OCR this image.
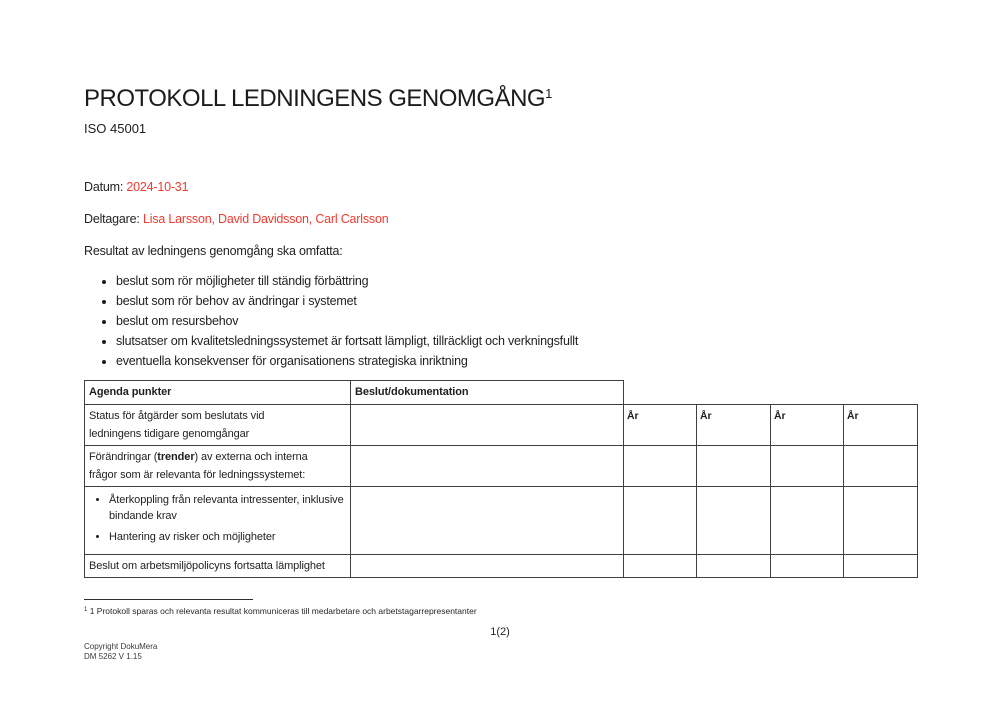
PROTOKOLL LEDNINGENS GENOMGÅNG$^1$
ISO 45001
Datum: 2024-10-31
Deltagare: Lisa Larsson, David Davidsson, Carl Carlsson
Resultat av ledningens genomgång ska omfatta:
• beslut som rör möjligheter till ständig förbättring
• beslut som rör behov av ändringar i systemet
• beslut om resursbehov
• slutsatser om kvalitetsledningssystemet är fortsatt lämpligt, tillräckligt och verkningsfullt
• eventuella konsekvenser för organisationens strategiska inriktning
Agenda punkter	Beslut/dokumentation				

Status för åtgärder som beslutats vid
ledningens tidigare genomgångar		År	År	År	År

Förändringar (trender) av externa och interna
frågor som är relevanta för ledningssystemet:					

• Återkoppling från relevanta intressenter, inklusive
bindande krav
• Hantering av risker och möjligheter

Beslut om arbetsmiljöpolicyns fortsatta lämplighet					
$^1$ 1 Protokoll sparas och relevanta resultat kommuniceras till medarbetare och arbetstagarrepresentanter
1(2)
Copyright DokuMera
DM 5262 V 1.15
